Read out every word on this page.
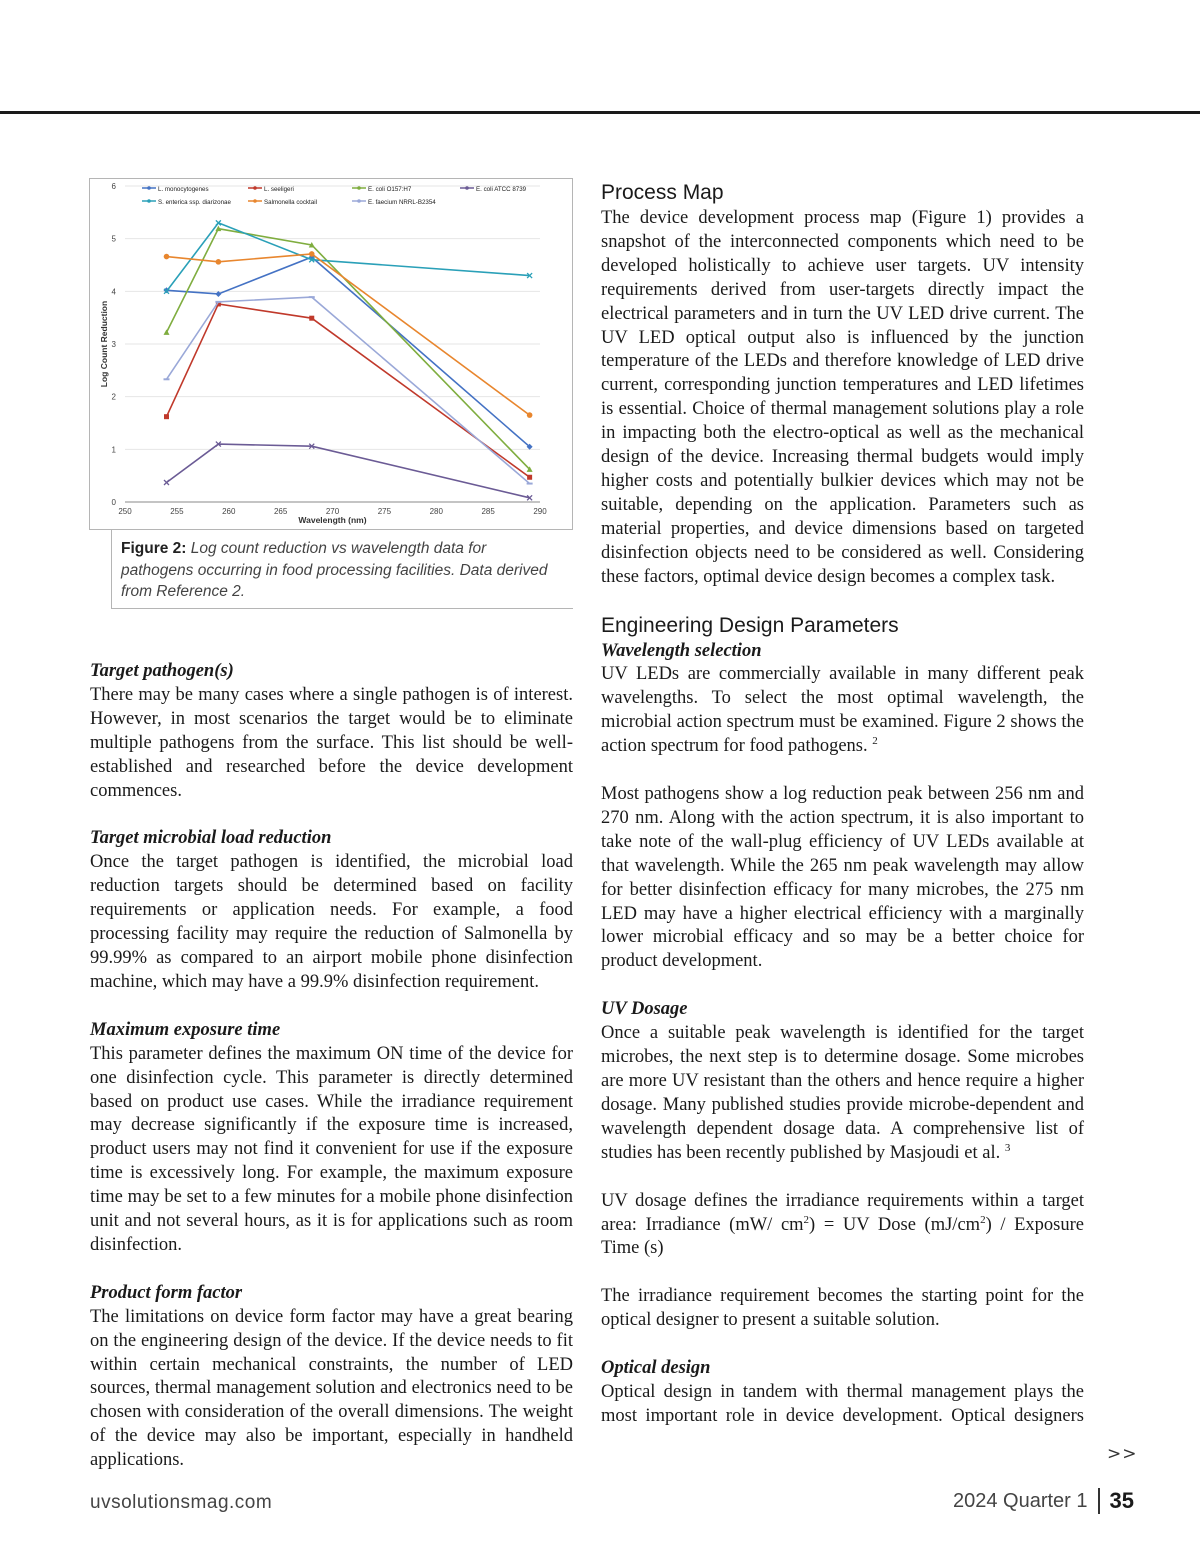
0
1
2
3
4
5
6
250	255	260	265	270	275	280	285	290
Wavelength (nm)
Log Count Reduction
L. monocytogenes	L. seeligeri	E. coli O157:H7	E. coli ATCC 8739
S. enterica ssp. diarizonae	Salmonella cocktail	E. faecium NRRL-B2354
Figure 2: Log count reduction vs wavelength data for pathogens occurring in food processing facilities. Data derived from Reference 2.
Target pathogen(s)

There may be many cases where a single pathogen is of interest. However, in most scenarios the target would be to eliminate multiple pathogens from the surface. This list should be well-established and researched before the device development commences.

Target microbial load reduction

Once the target pathogen is identified, the microbial load reduction targets should be determined based on facility requirements or application needs. For example, a food processing facility may require the reduction of Salmonella by 99.99% as compared to an airport mobile phone disinfection machine, which may have a 99.9% disinfection requirement.

Maximum exposure time

This parameter defines the maximum ON time of the device for one disinfection cycle. This parameter is directly determined based on product use cases. While the irradiance requirement may decrease significantly if the exposure time is increased, product users may not find it convenient for use if the exposure time is excessively long. For example, the maximum exposure time may be set to a few minutes for a mobile phone disinfection unit and not several hours, as it is for applications such as room disinfection.

Product form factor

The limitations on device form factor may have a great bearing on the engineering design of the device. If the device needs to fit within certain mechanical constraints, the number of LED sources, thermal management solution and electronics need to be chosen with consideration of the overall dimensions. The weight of the device may also be important, especially in handheld applications.

Process Map

The device development process map (Figure 1) provides a snapshot of the interconnected components which need to be developed holistically to achieve user targets. UV intensity requirements derived from user-targets directly impact the electrical parameters and in turn the UV LED drive current. The UV LED optical output also is influenced by the junction temperature of the LEDs and therefore knowledge of LED drive current, corresponding junction temperatures and LED lifetimes is essential. Choice of thermal management solutions play a role in impacting both the electro-optical as well as the mechanical design of the device. Increasing thermal budgets would imply higher costs and potentially bulkier devices which may not be suitable, depending on the application. Parameters such as material properties, and device dimensions based on targeted disinfection objects need to be considered as well. Considering these factors, optimal device design becomes a complex task.

Engineering Design Parameters
Wavelength selection

UV LEDs are commercially available in many different peak wavelengths. To select the most optimal wavelength, the microbial action spectrum must be examined. Figure 2 shows the action spectrum for food pathogens. $^2$

Most pathogens show a log reduction peak between 256 nm and 270 nm. Along with the action spectrum, it is also important to take note of the wall-plug efficiency of UV LEDs available at that wavelength. While the 265 nm peak wavelength may allow for better disinfection efficacy for many microbes, the 275 nm LED may have a higher electrical efficiency with a marginally lower microbial efficacy and so may be a better choice for product development.

UV Dosage

Once a suitable peak wavelength is identified for the target microbes, the next step is to determine dosage. Some microbes are more UV resistant than the others and hence require a higher dosage. Many published studies provide microbe-dependent and wavelength dependent dosage data. A comprehensive list of studies has been recently published by Masjoudi et al. $^3$

UV dosage defines the irradiance requirements within a target area: Irradiance (mW/ $cm^2$) = UV Dose $(mJ/cm^2)$ / Exposure Time (s)

The irradiance requirement becomes the starting point for the optical designer to present a suitable solution.

Optical design

Optical design in tandem with thermal management plays the most important role in device development. Optical designers

>>
uvsolutionsmag.com	2024 Quarter 1 35
